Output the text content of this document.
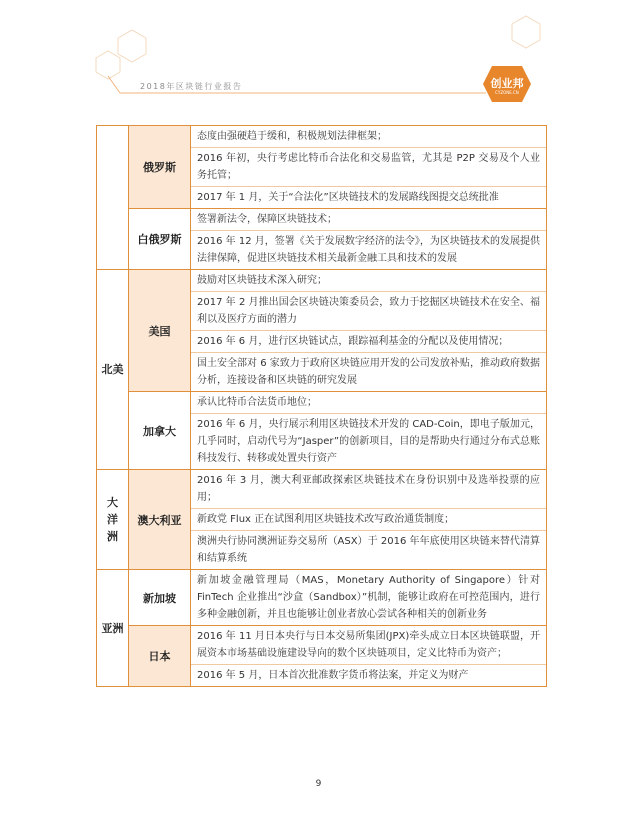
2018年区块链行业报告	创业邦
CYZONE.CN
	俄罗斯	态度由强硬趋于缓和，积极规划法律框架；
2016 年初，央行考虑比特币合法化和交易监管，尤其是 P2P 交易及个人业务托管；
2017 年 1 月，关于“合法化”区块链技术的发展路线图提交总统批准

	白俄罗斯	签署新法令，保障区块链技术；
2016 年 12 月，签署《关于发展数字经济的法令》，为区块链技术的发展提供法律保障，促进区块链技术相关最新金融工具和技术的发展

北美	美国	鼓励对区块链技术深入研究；
2017 年 2 月推出国会区块链决策委员会，致力于挖掘区块链技术在安全、福利以及医疗方面的潜力
2016 年 6 月，进行区块链试点，跟踪福利基金的分配以及使用情况；
国土安全部对 6 家致力于政府区块链应用开发的公司发放补贴，推动政府数据分析，连接设备和区块链的研究发展

	加拿大	承认比特币合法货币地位；
2016 年 6 月，央行展示利用区块链技术开发的 CAD-Coin，即电子版加元，几乎同时，启动代号为“Jasper”的创新项目，目的是帮助央行通过分布式总账科技发行、转移或处置央行资产

大洋洲	澳大利亚	2016 年 3 月，澳大利亚邮政探索区块链技术在身份识别中及选举投票的应用；
新政党 Flux 正在试图利用区块链技术改写政治通货制度；
澳洲央行协同澳洲证券交易所（ASX）于 2016 年年底使用区块链来替代清算和结算系统

亚洲	新加坡	新加坡金融管理局（MAS，Monetary Authority of Singapore）针对 FinTech 企业推出“沙盒（Sandbox）”机制，能够让政府在可控范围内，进行多种金融创新，并且也能够让创业者放心尝试各种相关的创新业务

	日本	2016 年 11 月日本央行与日本交易所集团(JPX)牵头成立日本区块链联盟，开展资本市场基础设施建设导向的数个区块链项目，定义比特币为资产；
2016 年 5 月，日本首次批准数字货币将法案，并定义为财产
9
